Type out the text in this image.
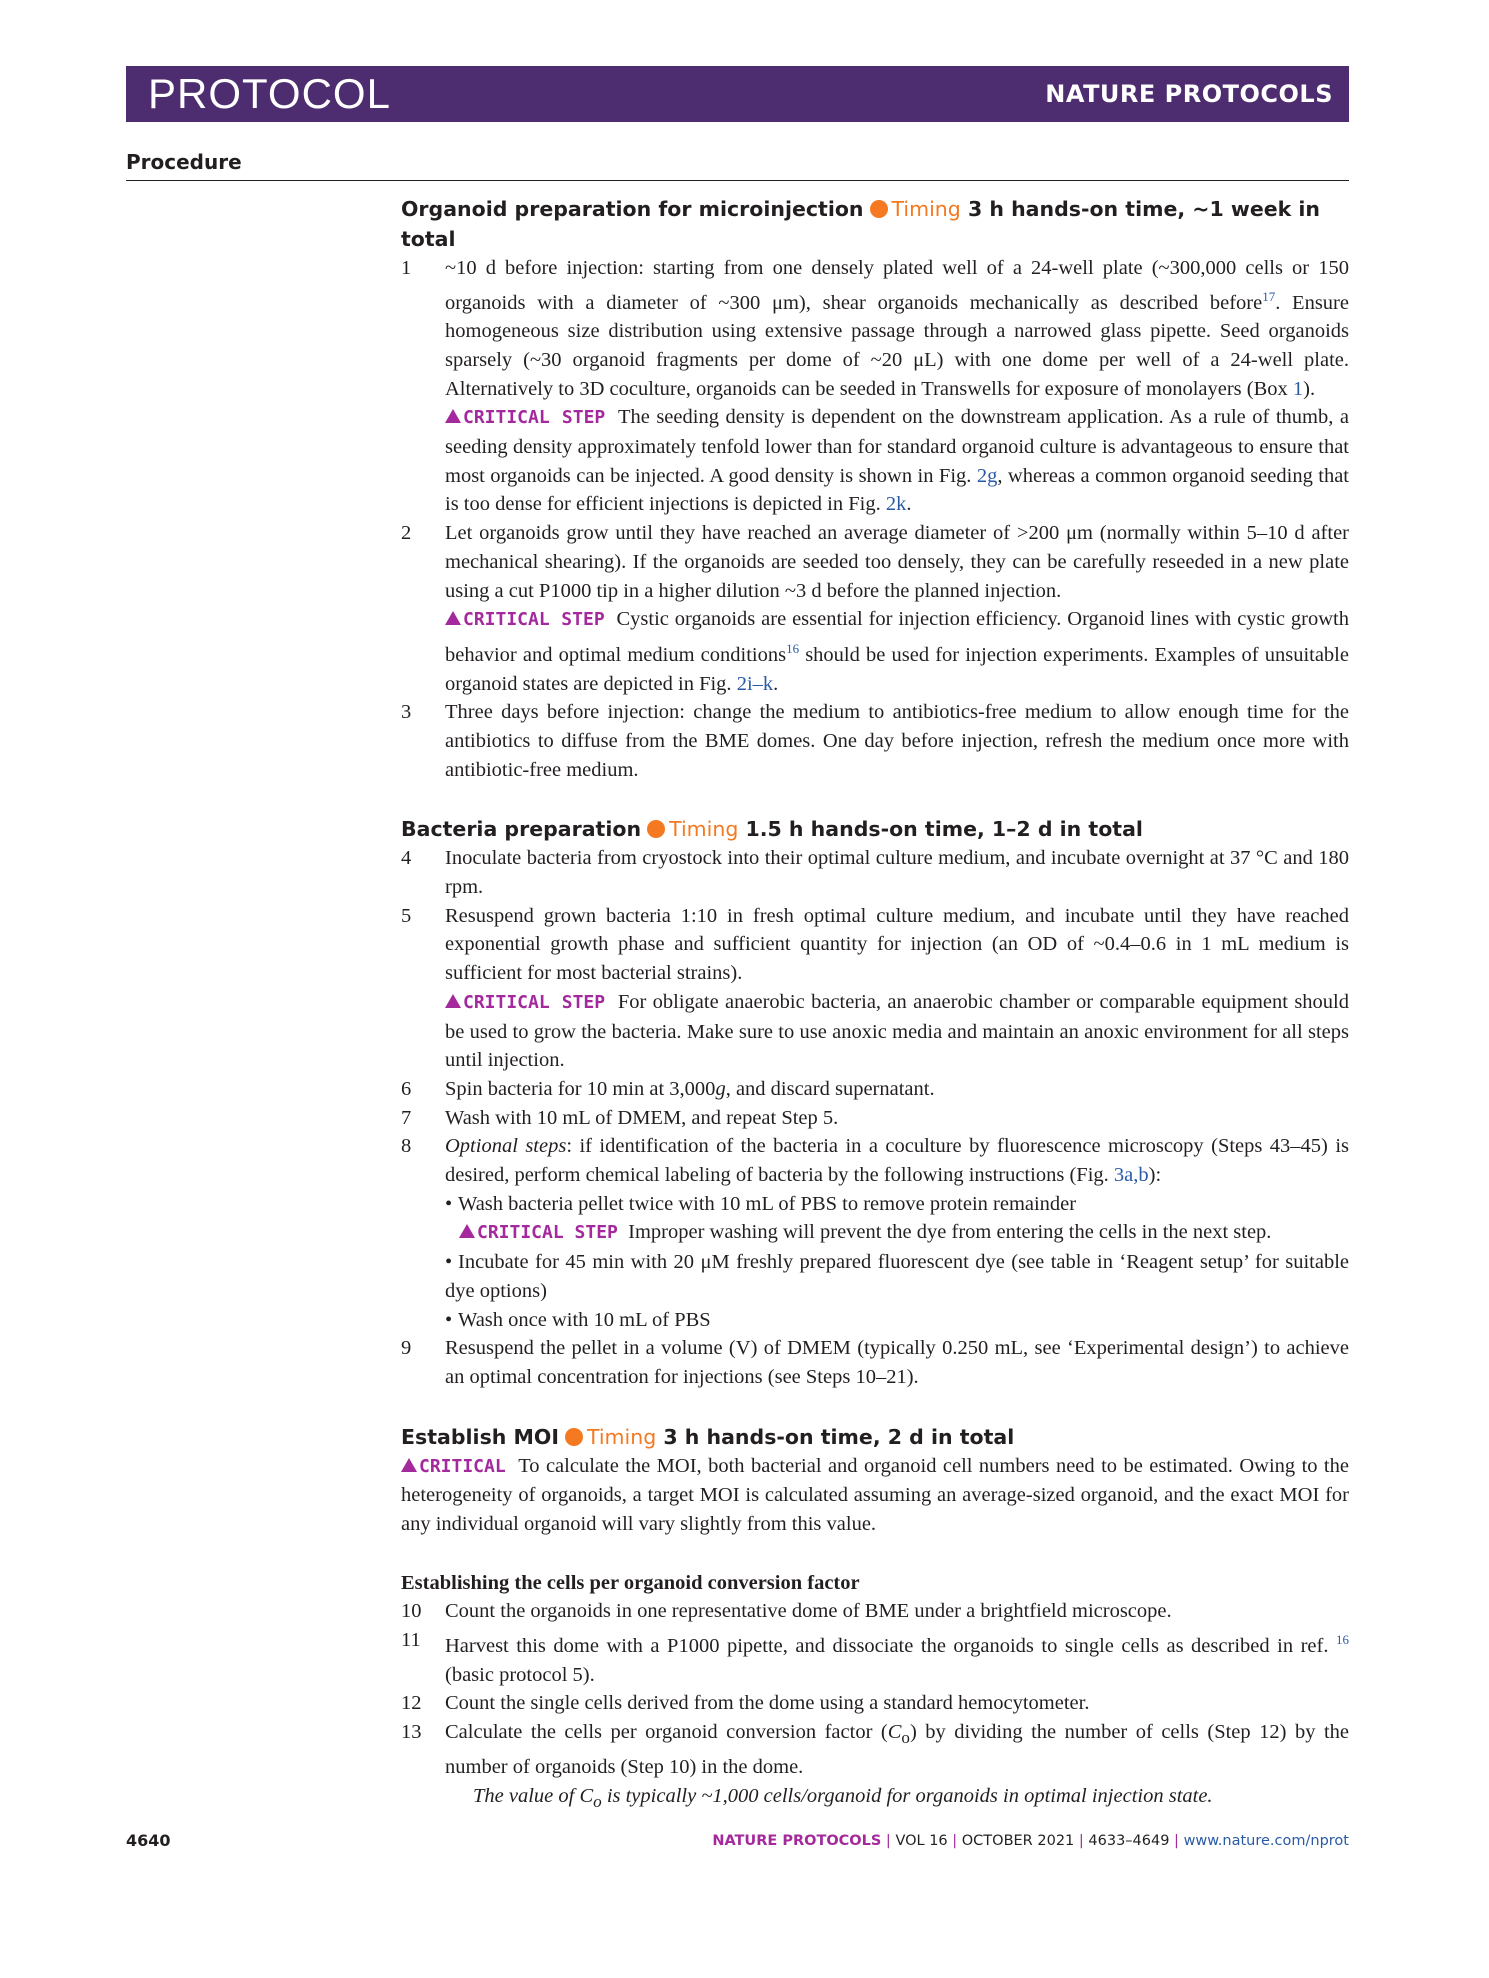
PROTOCOL	NATURE PROTOCOLS
Procedure
Organoid preparation for microinjection Timing 3 h hands-on time, ~1 week in total
1	~10 d before injection: starting from one densely plated well of a 24-well plate (~300,000 cells or 150 organoids with a diameter of ~300 μm), shear organoids mechanically as described before$^{17}$. Ensure homogeneous size distribution using extensive passage through a narrowed glass pipette. Seed organoids sparsely (~30 organoid fragments per dome of ~20 μL) with one dome per well of a 24-well plate. Alternatively to 3D coculture, organoids can be seeded in Transwells for exposure of monolayers (Box 1).
CRITICAL STEP The seeding density is dependent on the downstream application. As a rule of thumb, a seeding density approximately tenfold lower than for standard organoid culture is advantageous to ensure that most organoids can be injected. A good density is shown in Fig. 2g, whereas a common organoid seeding that is too dense for efficient injections is depicted in Fig. 2k.
2	Let organoids grow until they have reached an average diameter of >200 μm (normally within 5–10 d after mechanical shearing). If the organoids are seeded too densely, they can be carefully reseeded in a new plate using a cut P1000 tip in a higher dilution ~3 d before the planned injection.
CRITICAL STEP Cystic organoids are essential for injection efficiency. Organoid lines with cystic growth behavior and optimal medium conditions$^{16}$ should be used for injection experiments. Examples of unsuitable organoid states are depicted in Fig. 2i–k.
3	Three days before injection: change the medium to antibiotics-free medium to allow enough time for the antibiotics to diffuse from the BME domes. One day before injection, refresh the medium once more with antibiotic-free medium.
Bacteria preparation Timing 1.5 h hands-on time, 1–2 d in total
4	Inoculate bacteria from cryostock into their optimal culture medium, and incubate overnight at 37 °C and 180 rpm.
5	Resuspend grown bacteria 1:10 in fresh optimal culture medium, and incubate until they have reached exponential growth phase and sufficient quantity for injection (an OD of ~0.4–0.6 in 1 mL medium is sufficient for most bacterial strains).
CRITICAL STEP For obligate anaerobic bacteria, an anaerobic chamber or comparable equipment should be used to grow the bacteria. Make sure to use anoxic media and maintain an anoxic environment for all steps until injection.
6	Spin bacteria for 10 min at 3,000g, and discard supernatant.
7	Wash with 10 mL of DMEM, and repeat Step 5.
8	Optional steps: if identification of the bacteria in a coculture by fluorescence microscopy (Steps 43–45) is desired, perform chemical labeling of bacteria by the following instructions (Fig. 3a,b):
• Wash bacteria pellet twice with 10 mL of PBS to remove protein remainder
CRITICAL STEP Improper washing will prevent the dye from entering the cells in the next step.
• Incubate for 45 min with 20 μM freshly prepared fluorescent dye (see table in ‘Reagent setup’ for suitable dye options)
• Wash once with 10 mL of PBS
9	Resuspend the pellet in a volume (V) of DMEM (typically 0.250 mL, see ‘Experimental design’) to achieve an optimal concentration for injections (see Steps 10–21).
Establish MOI Timing 3 h hands-on time, 2 d in total
CRITICAL To calculate the MOI, both bacterial and organoid cell numbers need to be estimated. Owing to the heterogeneity of organoids, a target MOI is calculated assuming an average-sized organoid, and the exact MOI for any individual organoid will vary slightly from this value.
Establishing the cells per organoid conversion factor
10	Count the organoids in one representative dome of BME under a brightfield microscope.
11	Harvest this dome with a P1000 pipette, and dissociate the organoids to single cells as described in ref. $^{16}$ (basic protocol 5).
12	Count the single cells derived from the dome using a standard hemocytometer.
13	Calculate the cells per organoid conversion factor $(C_o)$ by dividing the number of cells (Step 12) by the number of organoids (Step 10) in the dome.
The value of $C_o$ is typically ~1,000 cells/organoid for organoids in optimal injection state.
4640	NATURE PROTOCOLS | VOL 16 | OCTOBER 2021 | 4633–4649 | www.nature.com/nprot
